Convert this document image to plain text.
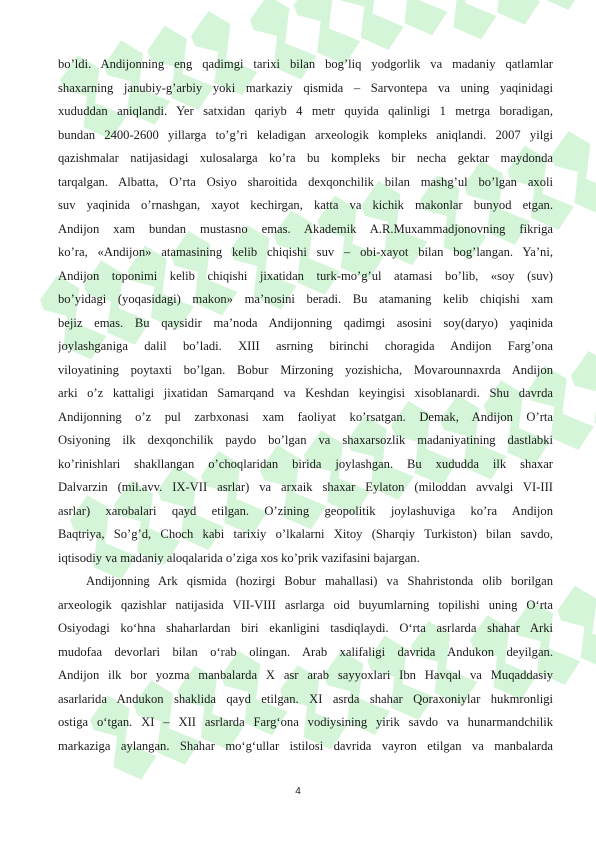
bo’ldi. Andijonning eng qadimgi tarixi bilan bog’liq yodgorlik va madaniy qatlamlar
shaxarning janubiy-g’arbiy yoki markaziy qismida – Sarvontepa va uning yaqinidagi
xududdan aniqlandi. Yer satxidan qariyb 4 metr quyida qalinligi 1 metrga boradigan,
bundan 2400-2600 yillarga to’g’ri keladigan arxeologik kompleks aniqlandi. 2007 yilgi
qazishmalar natijasidagi xulosalarga ko’ra bu kompleks bir necha gektar maydonda
tarqalgan. Albatta, O’rta Osiyo sharoitida dexqonchilik bilan mashg’ul bo’lgan axoli
suv yaqinida o’rnashgan, xayot kechirgan, katta va kichik makonlar bunyod etgan.
Andijon xam bundan mustasno emas. Akademik A.R.Muxammadjonovning fikriga
ko’ra, «Andijon» atamasining kelib chiqishi suv – obi-xayot bilan bog’langan. Ya’ni,
Andijon toponimi kelib chiqishi jixatidan turk-mo’g’ul atamasi bo’lib, «soy (suv)
bo’yidagi (yoqasidagi) makon» ma’nosini beradi. Bu atamaning kelib chiqishi xam
bejiz emas. Bu qaysidir ma’noda Andijonning qadimgi asosini soy(daryo) yaqinida
joylashganiga dalil bo’ladi. XIII asrning birinchi choragida Andijon Farg’ona
viloyatining poytaxti bo’lgan. Bobur Mirzoning yozishicha, Movarounnaxrda Andijon
arki o’z kattaligi jixatidan Samarqand va Keshdan keyingisi xisoblanardi. Shu davrda
Andijonning o’z pul zarbxonasi xam faoliyat ko’rsatgan. Demak, Andijon O’rta
Osiyoning ilk dexqonchilik paydo bo’lgan va shaxarsozlik madaniyatining dastlabki
ko’rinishlari shakllangan o’choqlaridan birida joylashgan. Bu xududda ilk shaxar
Dalvarzin (mil.avv. IX-VII asrlar) va arxaik shaxar Eylaton (miloddan avvalgi VI-III
asrlar) xarobalari qayd etilgan. O’zining geopolitik joylashuviga ko’ra Andijon
Baqtriya, So’g’d, Choch kabi tarixiy o’lkalarni Xitoy (Sharqiy Turkiston) bilan savdo,
iqtisodiy va madaniy aloqalarida o’ziga xos ko’prik vazifasini bajargan.
Andijonning Ark qismida (hozirgi Bobur mahallasi) va Shahristonda olib borilgan
arxeologik qazishlar natijasida VII-VIII asrlarga oid buyumlarning topilishi uning O‘rta
Osiyodagi ko‘hna shaharlardan biri ekanligini tasdiqlaydi. O‘rta asrlarda shahar Arki
mudofaa devorlari bilan o‘rab olingan. Arab xalifaligi davrida Andukon deyilgan.
Andijon ilk bor yozma manbalarda X asr arab sayyoxlari Ibn Havqal va Muqaddasiy
asarlarida Andukon shaklida qayd etilgan. XI asrda shahar Qoraxoniylar hukmronligi
ostiga o‘tgan. XI – XII asrlarda Farg‘ona vodiysining yirik savdo va hunarmandchilik
markaziga aylangan. Shahar mo‘g‘ullar istilosi davrida vayron etilgan va manbalarda
4
